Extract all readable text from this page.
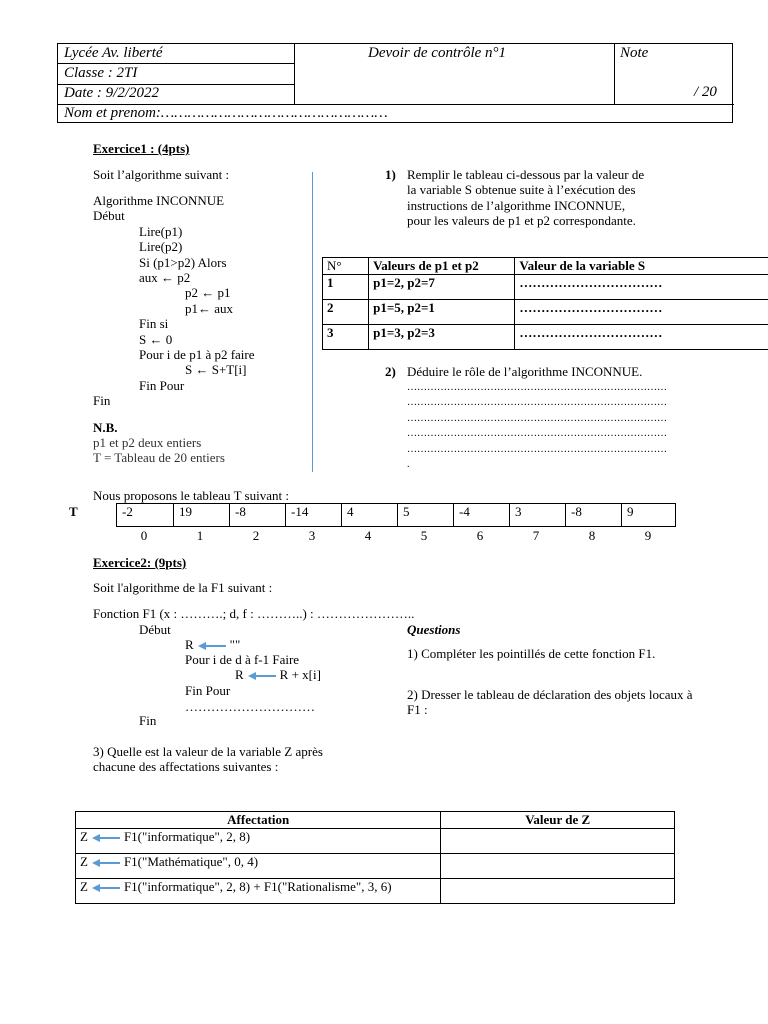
Lycée Av. liberté
Classe : 2TI
Date : 9/2/2022
Devoir de contrôle n°1	Note
/ 20
Nom et prenom:……………………………………………
Exercice1 : (4pts)
Soit l’algorithme suivant :
Algorithme INCONNUE
Début
Lire(p1)
Lire(p2)
Si (p1>p2) Alors
aux ← p2
p2 ← p1
p1← aux
Fin si
S ← 0
Pour i de p1 à p2 faire
S ← S+T[i]
Fin Pour
Fin
N.B.
p1 et p2 deux entiers
T = Tableau de 20 entiers
1) Remplir le tableau ci-dessous par la valeur de
la variable S obtenue suite à l’exécution des
instructions de l’algorithme INCONNUE,
pour les valeurs de p1 et p2 correspondante.
N°	Valeurs de p1 et p2	Valeur de la variable S
1	p1=2, p2=7	……………………………
2	p1=5, p2=1	……………………………
3	p1=3, p2=3	……………………………
2) Déduire le rôle de l’algorithme INCONNUE.
……………………………………………………………………
……………………………………………………………………
……………………………………………………………………
……………………………………………………………………
……………………………………………………………………
.
Nous proposons le tableau T suivant :
T	-2	19	-8	-14	4	5	-4	3	-8	9
0	1	2	3	4	5	6	7	8	9
Exercice2: (9pts)
Soit l'algorithme de la F1 suivant :
Fonction F1 (x : ……….; d, f : ………..) : …………………..
Début
R	""
Pour i de d à f-1 Faire
R	R + x[i]
Fin Pour
…………………………
Fin
Questions
1) Compléter les pointillés de cette fonction F1.
2) Dresser le tableau de déclaration des objets locaux à F1 :
3) Quelle est la valeur de la variable Z après
chacune des affectations suivantes :
Affectation	Valeur de Z
Z F1("informatique", 2, 8)	
Z F1("Mathématique", 0, 4)	
Z F1("informatique", 2, 8) + F1("Rationalisme", 3, 6)	
